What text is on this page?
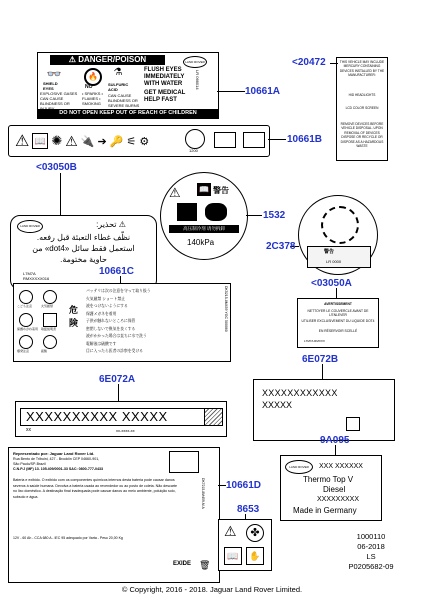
⚠ DANGER/POISON	LAND ROVER
👓
SHIELD EYES
EXPLOSIVE GASES CAN CAUSE BLINDNESS OR
🔥
NO
• SPARKS • FLAMES • SMOKING
⚗
SULFURIC ACID
CAN CAUSE BLINDNESS OR SEVERE BURNS
FLUSH EYES IMMEDIATELY WITH WATER
GET MEDICAL HELP FAST
LR 066014
DO NOT OPEN KEEP OUT OF REACH OF CHILDREN
THIS VEHICLE MAY INCLUDE MERCURY CONTAINING DEVICES INSTALLED BY THE MANUFACTURER:
HID HEADLIGHTS
LCD COLOR SCREEN
REMOVE DEVICES BEFORE VEHICLE DISPOSAL. UPON REMOVAL OF DEVICES DISPOSE OR RECYCLE OR DISPOSE AS A HAZARDOUS WASTE
⚠ 📖 ✺ ⚠ 🔌 ➔ 🔑 ⚟ ⚙
1200
LAND ROVER	⚠ تحذير:
نظّف غطاء التعبئة قبل رفعه.
استعمل فقط سائل «dot4» من
حاوية مختومة.
L7M7A
RMXXXXX016
⚠ 📖 警告
高压制冷剂 请勿拆卸
140kPa
警告
LR 0000
こども注意	火気厳禁
保護めがね着用 取扱説明書
爆発注意	硫酸
危険
バッテリは次の注意を守って取り扱う
火気厳禁 ショート禁止
液をつけないようにする
保護メガネを着用
子供が触れないところに保管
密閉しないで換気を良くする
液がかかった場合は直ちに水で洗う
電解液は硫酸です
目に入ったら医者の診察を受ける
DK5215-8M459 YGC 500060	AVERTISSEMENT
NETTOYER LE COUVERCLE AVANT DE L'ENLEVER
UTILISER EXCLUSIVEMENT DU LIQUIDE DOT4
EN RÉSERVOIR SCELLÉ
L7M7A RMXXX
XXXXXXXXXXXX
XXXXX
XXXXXXXXXX XXXXX
xx	xx-xxxx-xx
LAND ROVER	XXX XXXXXX
Thermo Top V
Diesel
XXXXXXXXX
Made in Germany
Representado por: Jaguar Land Rover Ltd.
Rua Bento de Tribuini, 427 - Brooklin CEP 04660-901,
São Paulo/SP-Brazil
C.N.P.J (MF) 13. 105.409/0001-33 SAC: 0800-777-0433
Bateria e exibido. O exibido com os componentes químicos internos desta bateria pode causar danos severos à saúde humana. Devolva a bateria usada ao revendedor ou ao posto de coleta. Não descarte no lixo doméstico. A destinação final inadequada pode causar danos ao meio ambiente, poluição solo, subsolo e água.
12V - 60 Ah - CCA 680 A - IEC 95 adequado por Varta - Peso 20,00 Kg
DK7215-8M459-M A
EXIDE 🗑
⚠	✤
📖	✋
<20472
10661A
10661B
<03050B
1532
2C378
<03050A
10661C
6E072B
6E072A
9A095
10661D
8653
1000110
06-2018
LS
P0205682-09
© Copyright, 2016 - 2018. Jaguar Land Rover Limited.
